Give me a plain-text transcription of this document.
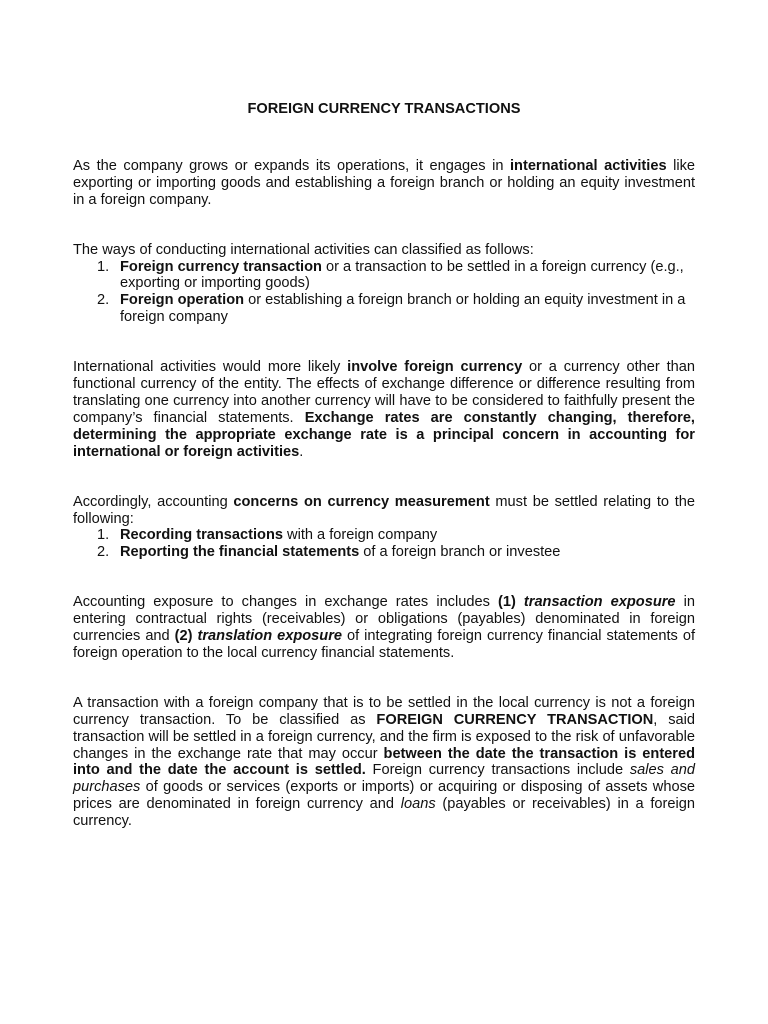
FOREIGN CURRENCY TRANSACTIONS

As the company grows or expands its operations, it engages in international activities like exporting or importing goods and establishing a foreign branch or holding an equity investment in a foreign company.

The ways of conducting international activities can classified as follows:

1. Foreign currency transaction or a transaction to be settled in a foreign currency (e.g., exporting or importing goods)
2. Foreign operation or establishing a foreign branch or holding an equity investment in a foreign company

International activities would more likely involve foreign currency or a currency other than functional currency of the entity. The effects of exchange difference or difference resulting from translating one currency into another currency will have to be considered to faithfully present the company’s financial statements. Exchange rates are constantly changing, therefore, determining the appropriate exchange rate is a principal concern in accounting for international or foreign activities.

Accordingly, accounting concerns on currency measurement must be settled relating to the following:

1. Recording transactions with a foreign company
2. Reporting the financial statements of a foreign branch or investee

Accounting exposure to changes in exchange rates includes (1) transaction exposure in entering contractual rights (receivables) or obligations (payables) denominated in foreign currencies and (2) translation exposure of integrating foreign currency financial statements of foreign operation to the local currency financial statements.

A transaction with a foreign company that is to be settled in the local currency is not a foreign currency transaction. To be classified as FOREIGN CURRENCY TRANSACTION, said transaction will be settled in a foreign currency, and the firm is exposed to the risk of unfavorable changes in the exchange rate that may occur between the date the transaction is entered into and the date the account is settled. Foreign currency transactions include sales and purchases of goods or services (exports or imports) or acquiring or disposing of assets whose prices are denominated in foreign currency and loans (payables or receivables) in a foreign currency.
